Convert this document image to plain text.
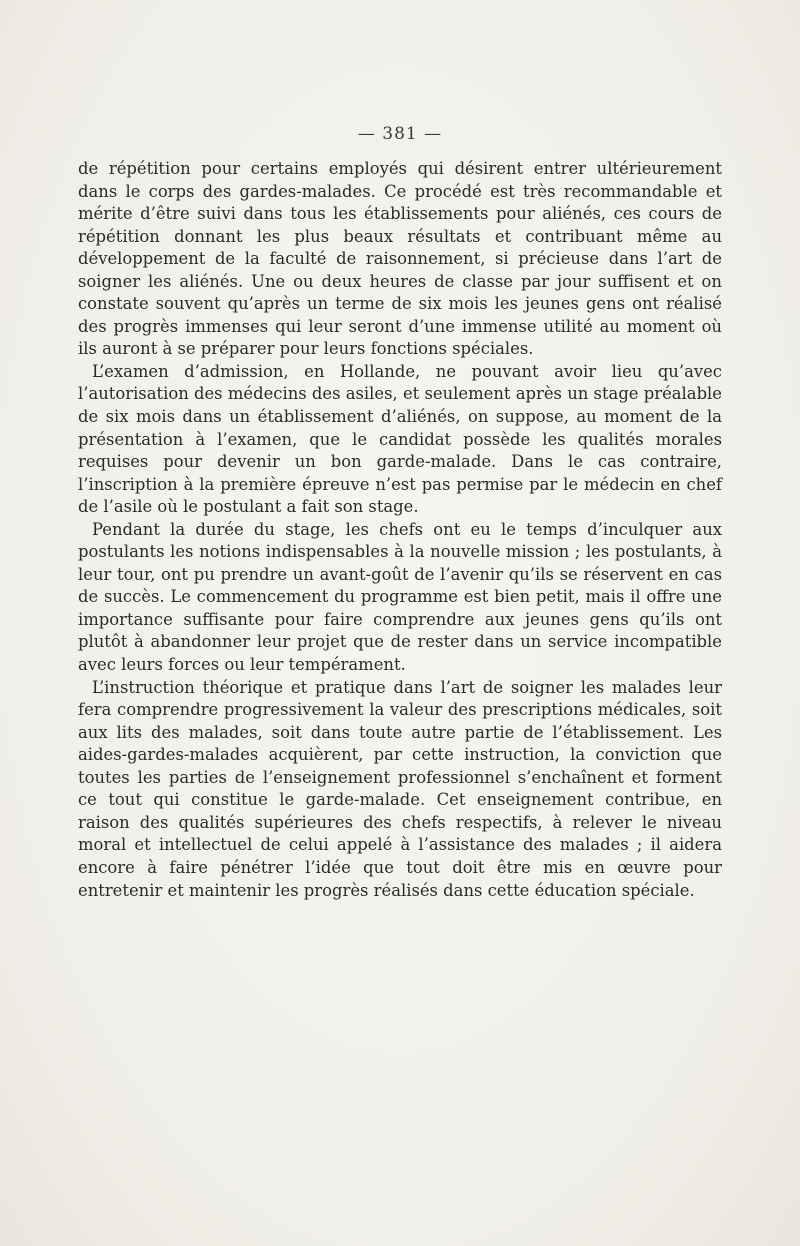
— 381 —

de répétition pour certains employés qui désirent entrer ultérieurement dans le corps des gardes-malades. Ce procédé est très recommandable et mérite d’être suivi dans tous les établissements pour aliénés, ces cours de répétition donnant les plus beaux résultats et contribuant même au développement de la faculté de raisonnement, si précieuse dans l’art de soigner les aliénés. Une ou deux heures de classe par jour suffisent et on constate souvent qu’après un terme de six mois les jeunes gens ont réalisé des progrès immenses qui leur seront d’une immense utilité au moment où ils auront à se préparer pour leurs fonctions spéciales.

L’examen d’admission, en Hollande, ne pouvant avoir lieu qu’avec l’autorisation des médecins des asiles, et seulement après un stage préalable de six mois dans un établissement d’aliénés, on suppose, au moment de la présentation à l’examen, que le candidat possède les qualités morales requises pour devenir un bon garde-malade. Dans le cas contraire, l’inscription à la première épreuve n’est pas permise par le médecin en chef de l’asile où le postulant a fait son stage.

Pendant la durée du stage, les chefs ont eu le temps d’inculquer aux postulants les notions indispensables à la nouvelle mission ; les postulants, à leur tour, ont pu prendre un avant-goût de l’avenir qu’ils se réservent en cas de succès. Le commencement du programme est bien petit, mais il offre une importance suffisante pour faire comprendre aux jeunes gens qu’ils ont plutôt à abandonner leur projet que de rester dans un service incompatible avec leurs forces ou leur tempérament.

L’instruction théorique et pratique dans l’art de soigner les malades leur fera comprendre progressivement la valeur des prescriptions médicales, soit aux lits des malades, soit dans toute autre partie de l’établissement. Les aides-gardes-malades acquièrent, par cette instruction, la conviction que toutes les parties de l’enseignement professionnel s’enchaînent et forment ce tout qui constitue le garde-malade. Cet enseignement contribue, en raison des qualités supérieures des chefs respectifs, à relever le niveau moral et intellectuel de celui appelé à l’assistance des malades ; il aidera encore à faire pénétrer l’idée que tout doit être mis en œuvre pour entretenir et maintenir les progrès réalisés dans cette éducation spéciale.
